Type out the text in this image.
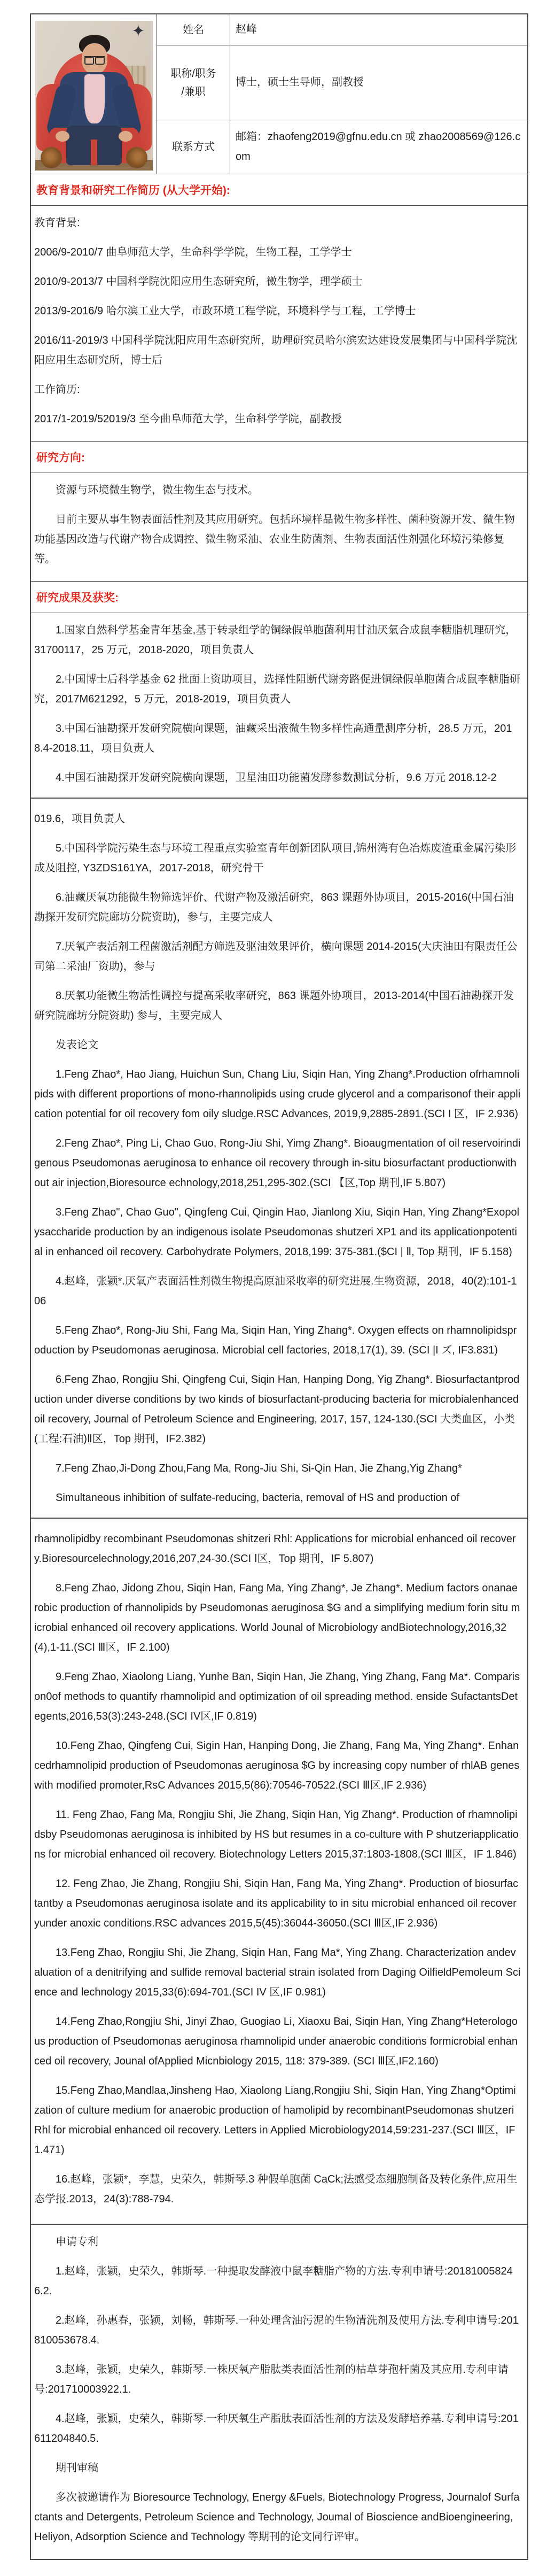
✦	姓名	赵峰
职称/职务
/兼职
博士，硕士生导师，副教授
联系方式
邮箱：zhaofeng2019@gfnu.edu.cn 或 zhao2008569@126.com
教育背景和研究工作简历 (从大学开始):

教育背景:

2006/9-2010/7 曲阜师范大学，生命科学学院，生物工程，工学学士

2010/9-2013/7 中国科学院沈阳应用生态研究所，微生物学，理学硕士

2013/9-2016/9 哈尔滨工业大学，市政环境工程学院，环境科学与工程，工学博士

2016/11-2019/3 中国科学院沈阳应用生态研究所，助理研究员哈尔滨宏达建设发展集团与中国科学院沈阳应用生态研究所，博士后

工作简历:

2017/1-2019/52019/3 至今曲阜师范大学，生命科学学院，副教授

研究方向:

资源与环境微生物学，微生物生态与技术。

目前主要从事生物表面活性剂及其应用研究。包括环境样品微生物多样性、菌种资源开发、微生物功能基因改造与代谢产物合成调控、微生物采油、农业生防菌剂、生物表面活性剂强化环境污染修复等。

研究成果及获奖:

1.国家自然科学基金青年基金,基于转录组学的铜绿假单胞菌利用甘油厌氣合成鼠李糖脂机理研究，31700117，25 万元，2018-2020，项目负责人

2.中国博士后科学基金 62 批面上资助项目，选择性阻断代谢旁路促进铜绿假单胞菌合成鼠李糖脂研究，2017M621292，5 万元，2018-2019，项目负责人

3.中国石油勘探开发研究院横向课题，油藏采出液微生物多样性高通量测序分析，28.5 万元，2018.4-2018.11，项目负责人

4.中国石油勘探开发研究院横向课题，卫星油田功能菌发酵参数测试分析，9.6 万元 2018.12-2

019.6，项目负责人

5.中国科学院污染生态与环境工程重点实验室青年创新团队项目,锦州湾有色冶炼废渣重金属污染形成及阻控, Y3ZDS161YA，2017-2018，研究骨干

6.油藏厌氧功能微生物筛选评价、代谢产物及激活研究，863 课题外协项目，2015-2016(中国石油勘探开发研究院廊坊分院资助)，参与，主要完成人

7.厌氧产表活剂工程菌激活剂配方筛选及驱油效果评价，横向课题 2014-2015(大庆油田有限责任公司第二采油厂资助)，参与

8.厌氧功能微生物活性调控与提高采收率研究，863 课题外协项目，2013-2014(中国石油勘探开发研究院廊坊分院资助) 参与，主要完成人

发表论文

1.Feng Zhao*, Hao Jiang, Huichun Sun, Chang Liu, Siqin Han, Ying Zhang*.Production ofrhamnolipids with different proportions of mono-rhannolipids using crude glycerol and a comparisonof their application potential for oil recovery fom oily sludge.RSC Advances, 2019,9,2885-2891.(SCI I 区，IF 2.936)

2.Feng Zhao*, Ping Li, Chao Guo, Rong-Jiu Shi, Yimg Zhang*. Bioaugmentation of oil reservoirindigenous Pseudomonas aeruginosa to enhance oil recovery through in-situ biosurfactant productionwithout air injection,Bioresource echnology,2018,251,295-302.(SCI 【区,Top 期刊,IF 5.807)

3.Feng Zhao", Chao Guo", Qingfeng Cui, Qingin Hao, Jianlong Xiu, Siqin Han, Ying Zhang*Exopolysaccharide production by an indigenous isolate Pseudomonas shutzeri XP1 and its applicationpotential in enhanced oil recovery. Carbohydrate Polymers, 2018,199: 375-381.($CI | Ⅱ, Top 期刊，IF 5.158)

4.赵峰，张颖*.厌氧产表面活性剂微生物提高原油采收率的研究进展.生物资源，2018，40(2):101-106

5.Feng Zhao*, Rong-Jiu Shi, Fang Ma, Siqin Han, Ying Zhang*. Oxygen effects on rhamnolipidsproduction by Pseudomonas aeruginosa. Microbial cell factories, 2018,17(1), 39. (SCI |I ズ, IF3.831)

6.Feng Zhao, Rongjiu Shi, Qingfeng Cui, Siqin Han, Hanping Dong, Yig Zhang*. Biosurfactantproduction under diverse conditions by two kinds of biosurfactant-producing bacteria for microbialenhanced oil recovery, Journal of Petroleum Science and Engineering, 2017, 157, 124-130.(SCI 大类血区，小类(工程:石油)Ⅱ区，Top 期刊，IF2.382)

7.Feng Zhao,Ji-Dong Zhou,Fang Ma, Rong-Jiu Shi, Si-Qin Han, Jie Zhang,Yig Zhang*

Simultaneous inhibition of sulfate-reducing, bacteria, removal of HS and production of

rhamnolipidby recombinant Pseudomonas shitzeri Rhl: Applications for microbial enhanced oil recovery.Bioresourcelechnology,2016,207,24-30.(SCI Ⅰ区，Top 期刊，IF 5.807)

8.Feng Zhao, Jidong Zhou, Siqin Han, Fang Ma, Ying Zhang*, Je Zhang*. Medium factors onanaerobic production of rhannolipids by Pseudomonas aeruginosa $G and a simplifying medium forin situ microbial enhanced oil recovery applications. World Jounal of Microbiology andBiotechnology,2016,32(4),1-11.(SCI Ⅲ区，IF 2.100)

9.Feng Zhao, Xiaolong Liang, Yunhe Ban, Siqin Han, Jie Zhang, Ying Zhang, Fang Ma*. Comparison0of methods to quantify rhamnolipid and optimization of oil spreading method. enside SufactantsDetegents,2016,53(3):243-248.(SCI IV区,IF 0.819)

10.Feng Zhao, Qingfeng Cui, Sigin Han, Hanping Dong, Jie Zhang, Fang Ma, Ying Zhang*. Enhancedrhamnolipid production of Pseudomonas aeruginosa $G by increasing copy number of rhlAB geneswith modified promoter,RsC Advances 2015,5(86):70546-70522.(SCI Ⅲ区,IF 2.936)

11. Feng Zhao, Fang Ma, Rongjiu Shi, Jie Zhang, Siqin Han, Yig Zhang*. Production of rhamnolipidsby Pseudomonas aeruginosa is inhibited by HS but resumes in a co-culture with P shutzeriapplications for microbial enhanced oil recovery. Biotechnology Letters 2015,37:1803-1808.(SCI Ⅲ区，IF 1.846)

12. Feng Zhao, Jie Zhang, Rongjiu Shi, Siqin Han, Fang Ma, Ying Zhang*. Production of biosurfactantby a Pseudomonas aeruginosa isolate and its applicability to in situ microbial enhanced oil recoveryunder anoxic conditions.RSC advances 2015,5(45):36044-36050.(SCI Ⅲ区,IF 2.936)

13.Feng Zhao, Rongjiu Shi, Jie Zhang, Siqin Han, Fang Ma*, Ying Zhang. Characterization andevaluation of a denitrifying and sulfide removal bacterial strain isolated from Daging OilfieldPemoleum Science and lechnology 2015,33(6):694-701.(SCI IV 区,IF 0.981)

14.Feng Zhao,Rongjiu Shi, Jinyi Zhao, Guogiao Li, Xiaoxu Bai, Siqin Han, Ying Zhang*Heterologous production of Pseudomonas aeruginosa rhamnolipid under anaerobic conditions formicrobial enhanced oil recovery, Jounal ofApplied Micnbiology 2015, 118: 379-389. (SCI Ⅲ区,IF2.160)

15.Feng Zhao,Mandlaa,Jinsheng Hao, Xiaolong Liang,Rongjiu Shi, Siqin Han, Ying Zhang*Optimization of culture medium for anaerobic production of hamolipid by recombinantPseudomonas shutzeri Rhl for microbial enhanced oil recovery. Letters in Applied Microbiology2014,59:231-237.(SCI Ⅲ区，IF 1.471)

16.赵峰，张颖*，李慧，史荣久，韩斯琴.3 种假单胞菌 CaCk;法感受态细胞制备及转化条件,应用生态学报.2013，24(3):788-794.

申请专利

1.赵峰，张颖，史荣久，韩斯琴.一种提取发酵液中鼠李糖脂产物的方法.专利申请号:201810058246.2.

2.赵峰，孙惠春，张颖，刘畅，韩斯琴.一种处理含油污泥的生物清洗剂及使用方法.专利申请号:201810053678.4.

3.赵峰，张颖，史荣久，韩斯琴.一株厌氧产脂肽类表面活性剂的枯草芽孢杆菌及其应用.专利申请号:201710003922.1.

4.赵峰，张颖，史荣久，韩斯琴.一种厌氧生产脂肽表面活性剂的方法及发酵培养基.专利申请号:201611204840.5.

期刊审稿

多次被邀请作为 Bioresource Technology, Energy &Fuels, Biotechnology Progress, Journalof Surfactants and Detergents, Petroleum Science and Technology, Joumal of Bioscience andBioengineering, Heliyon, Adsorption Science and Technology 等期刊的论文同行评审。
